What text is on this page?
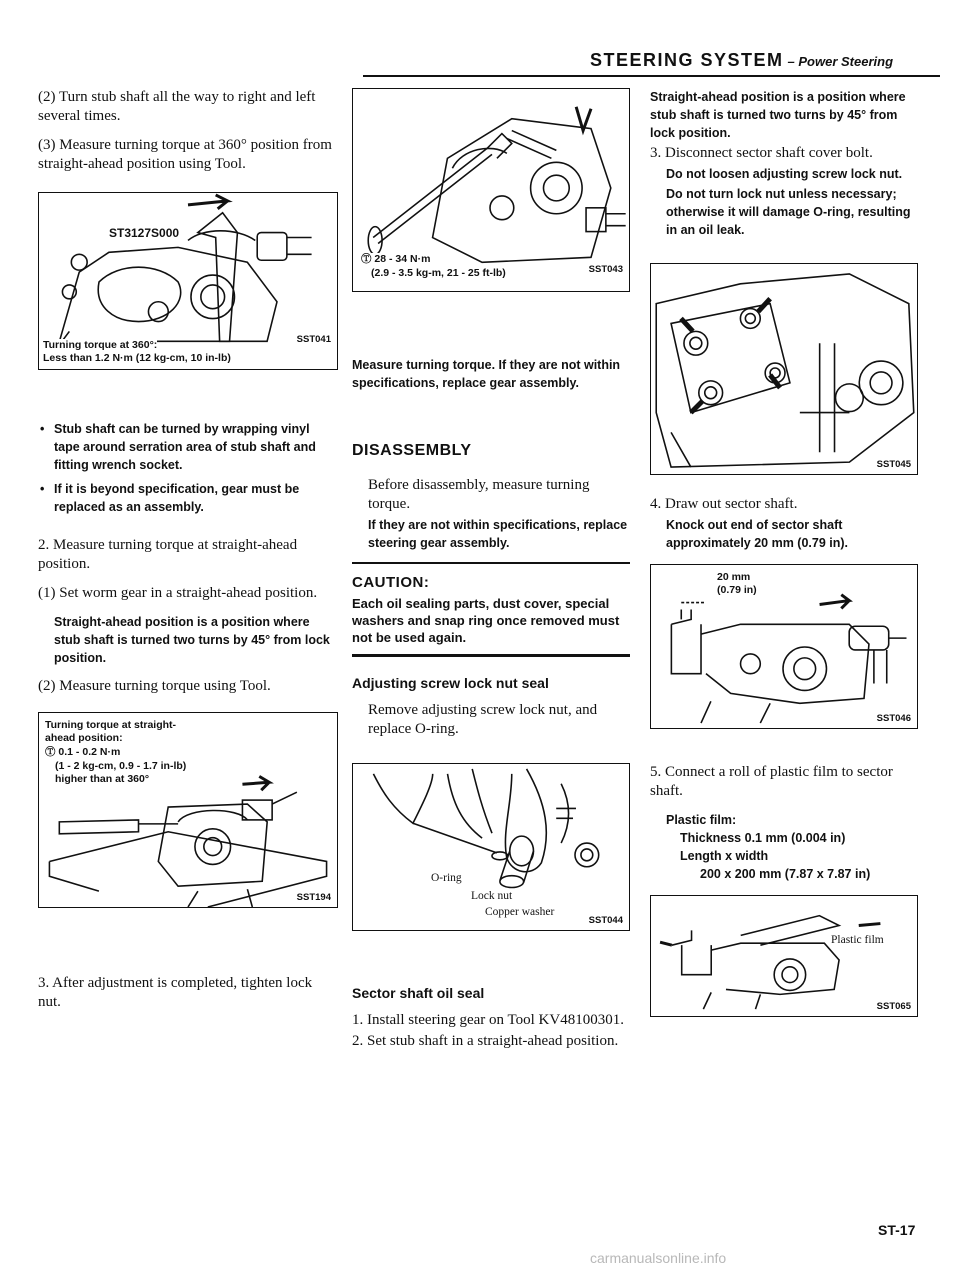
STEERING SYSTEM – Power Steering
(2) Turn stub shaft all the way to right and left several times.
(3) Measure turning torque at 360° position from straight-ahead position using Tool.
ST3127S000
Turning torque at 360°:
Less than 1.2 N·m (12 kg-cm, 10 in-lb)
SST041
• Stub shaft can be turned by wrapping vinyl tape around serration area of stub shaft and fitting wrench socket.
• If it is beyond specification, gear must be replaced as an assembly.
2. Measure turning torque at straight-ahead position.
(1) Set worm gear in a straight-ahead position.
Straight-ahead position is a position where stub shaft is turned two turns by 45° from lock position.
(2) Measure turning torque using Tool.
Turning torque at straight-
ahead position:
Ⓣ 0.1 - 0.2 N·m
(1 - 2 kg-cm, 0.9 - 1.7 in-lb)
higher than at 360°
SST194
3. After adjustment is completed, tighten lock nut.
Ⓣ 28 - 34 N·m
(2.9 - 3.5 kg-m, 21 - 25 ft-lb)	SST043
Measure turning torque. If they are not within specifications, replace gear assembly.
DISASSEMBLY
Before disassembly, measure turning torque.
If they are not within specifications, replace steering gear assembly.
CAUTION:
Each oil sealing parts, dust cover, special washers and snap ring once removed must not be used again.
Adjusting screw lock nut seal
Remove adjusting screw lock nut, and replace O-ring.
O-ring
Lock nut
Copper washer
SST044
Sector shaft oil seal
1. Install steering gear on Tool KV48100301.
2. Set stub shaft in a straight-ahead position.
Straight-ahead position is a position where stub shaft is turned two turns by 45° from lock position.
3. Disconnect sector shaft cover bolt.
Do not loosen adjusting screw lock nut.
Do not turn lock nut unless necessary; otherwise it will damage O-ring, resulting in an oil leak.
SST045
4. Draw out sector shaft.
Knock out end of sector shaft approximately 20 mm (0.79 in).
20 mm
(0.79 in)
SST046
5. Connect a roll of plastic film to sector shaft.
Plastic film:
Thickness 0.1 mm (0.004 in)
Length x width
200 x 200 mm (7.87 x 7.87 in)
Plastic film
SST065
ST-17
carmanualsonline.info
